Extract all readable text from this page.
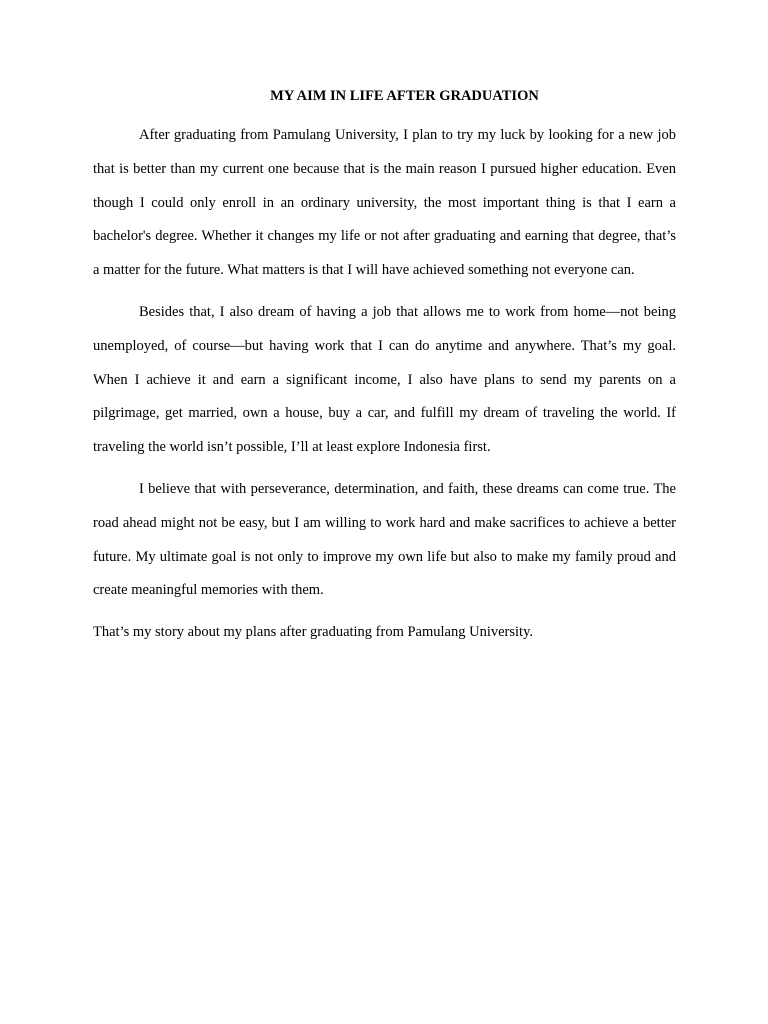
MY AIM IN LIFE AFTER GRADUATION

After graduating from Pamulang University, I plan to try my luck by looking for a new job that is better than my current one because that is the main reason I pursued higher education. Even though I could only enroll in an ordinary university, the most important thing is that I earn a bachelor's degree. Whether it changes my life or not after graduating and earning that degree, that’s a matter for the future. What matters is that I will have achieved something not everyone can.

Besides that, I also dream of having a job that allows me to work from home—not being unemployed, of course—but having work that I can do anytime and anywhere. That’s my goal. When I achieve it and earn a significant income, I also have plans to send my parents on a pilgrimage, get married, own a house, buy a car, and fulfill my dream of traveling the world. If traveling the world isn’t possible, I’ll at least explore Indonesia first.

I believe that with perseverance, determination, and faith, these dreams can come true. The road ahead might not be easy, but I am willing to work hard and make sacrifices to achieve a better future. My ultimate goal is not only to improve my own life but also to make my family proud and create meaningful memories with them.

That’s my story about my plans after graduating from Pamulang University.
